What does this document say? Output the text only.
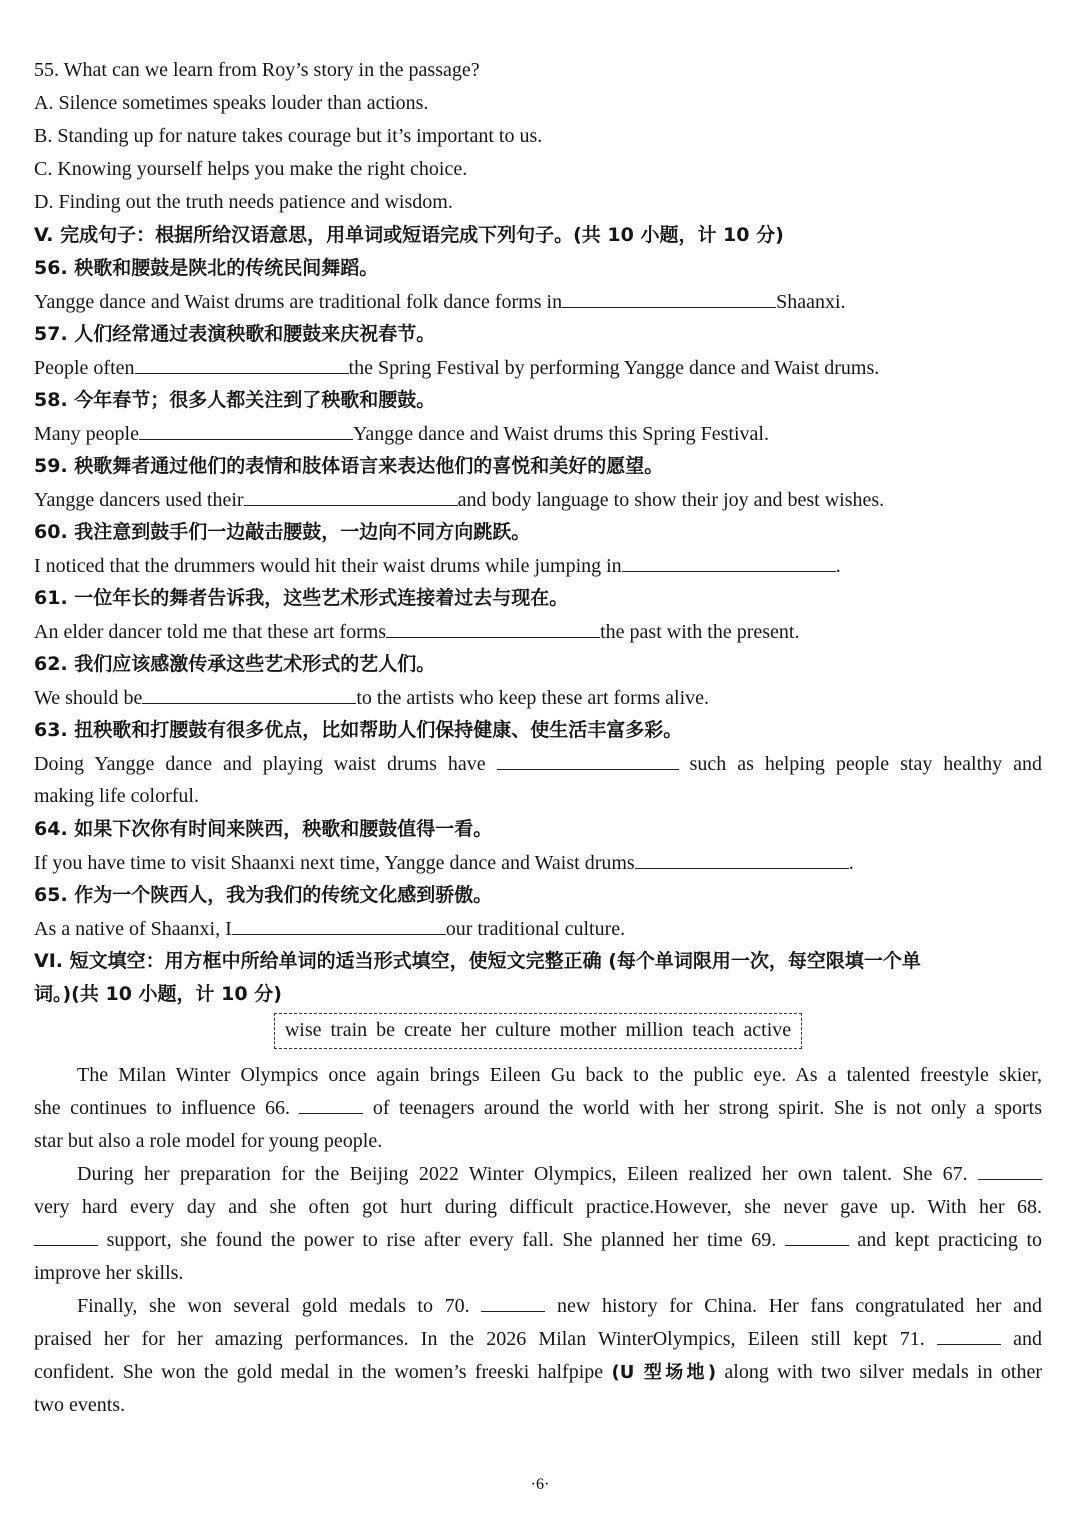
55. What can we learn from Roy’s story in the passage?
A. Silence sometimes speaks louder than actions.
B. Standing up for nature takes courage but it’s important to us.
C. Knowing yourself helps you make the right choice.
D. Finding out the truth needs patience and wisdom.
V. 完成句子：根据所给汉语意思，用单词或短语完成下列句子。(共 10 小题，计 10 分)
56. 秧歌和腰鼓是陕北的传统民间舞蹈。
Yangge dance and Waist drums are traditional folk dance forms in	Shaanxi.
57. 人们经常通过表演秧歌和腰鼓来庆祝春节。
People often	the Spring Festival by performing Yangge dance and Waist drums.
58. 今年春节；很多人都关注到了秧歌和腰鼓。
Many people	Yangge dance and Waist drums this Spring Festival.
59. 秧歌舞者通过他们的表情和肢体语言来表达他们的喜悦和美好的愿望。
Yangge dancers used their	and body language to show their joy and best wishes.
60. 我注意到鼓手们一边敲击腰鼓，一边向不同方向跳跃。
I noticed that the drummers would hit their waist drums while jumping in	.
61. 一位年长的舞者告诉我，这些艺术形式连接着过去与现在。
An elder dancer told me that these art forms	the past with the present.
62. 我们应该感激传承这些艺术形式的艺人们。
We should be	to the artists who keep these art forms alive.
63. 扭秧歌和打腰鼓有很多优点，比如帮助人们保持健康、使生活丰富多彩。
Doing Yangge dance and playing waist drums have	such as helping people stay healthy and
making life colorful.
64. 如果下次你有时间来陕西，秧歌和腰鼓值得一看。
If you have time to visit Shaanxi next time, Yangge dance and Waist drums	.
65. 作为一个陕西人，我为我们的传统文化感到骄傲。
As a native of Shaanxi, I	our traditional culture.
VI. 短文填空：用方框中所给单词的适当形式填空，使短文完整正确 (每个单词限用一次，每空限填一个单
词。)(共 10 小题，计 10 分)
wise train be create her culture mother million teach active
The Milan Winter Olympics once again brings Eileen Gu back to the public eye. As a talented freestyle skier,
she continues to influence 66.	of teenagers around the world with her strong spirit. She is not only a sports
star but also a role model for young people.
During her preparation for the Beijing 2022 Winter Olympics, Eileen realized her own talent. She 67.
very hard every day and she often got hurt during difficult practice.However, she never gave up. With her 68.
support, she found the power to rise after every fall. She planned her time 69.	and kept practicing to
improve her skills.
Finally, she won several gold medals to 70.	new history for China. Her fans congratulated her and
praised her for her amazing performances. In the 2026 Milan WinterOlympics, Eileen still kept 71.	and
confident. She won the gold medal in the women’s freeski halfpipe (U 型场地) along with two silver medals in other
two events.
·6·
